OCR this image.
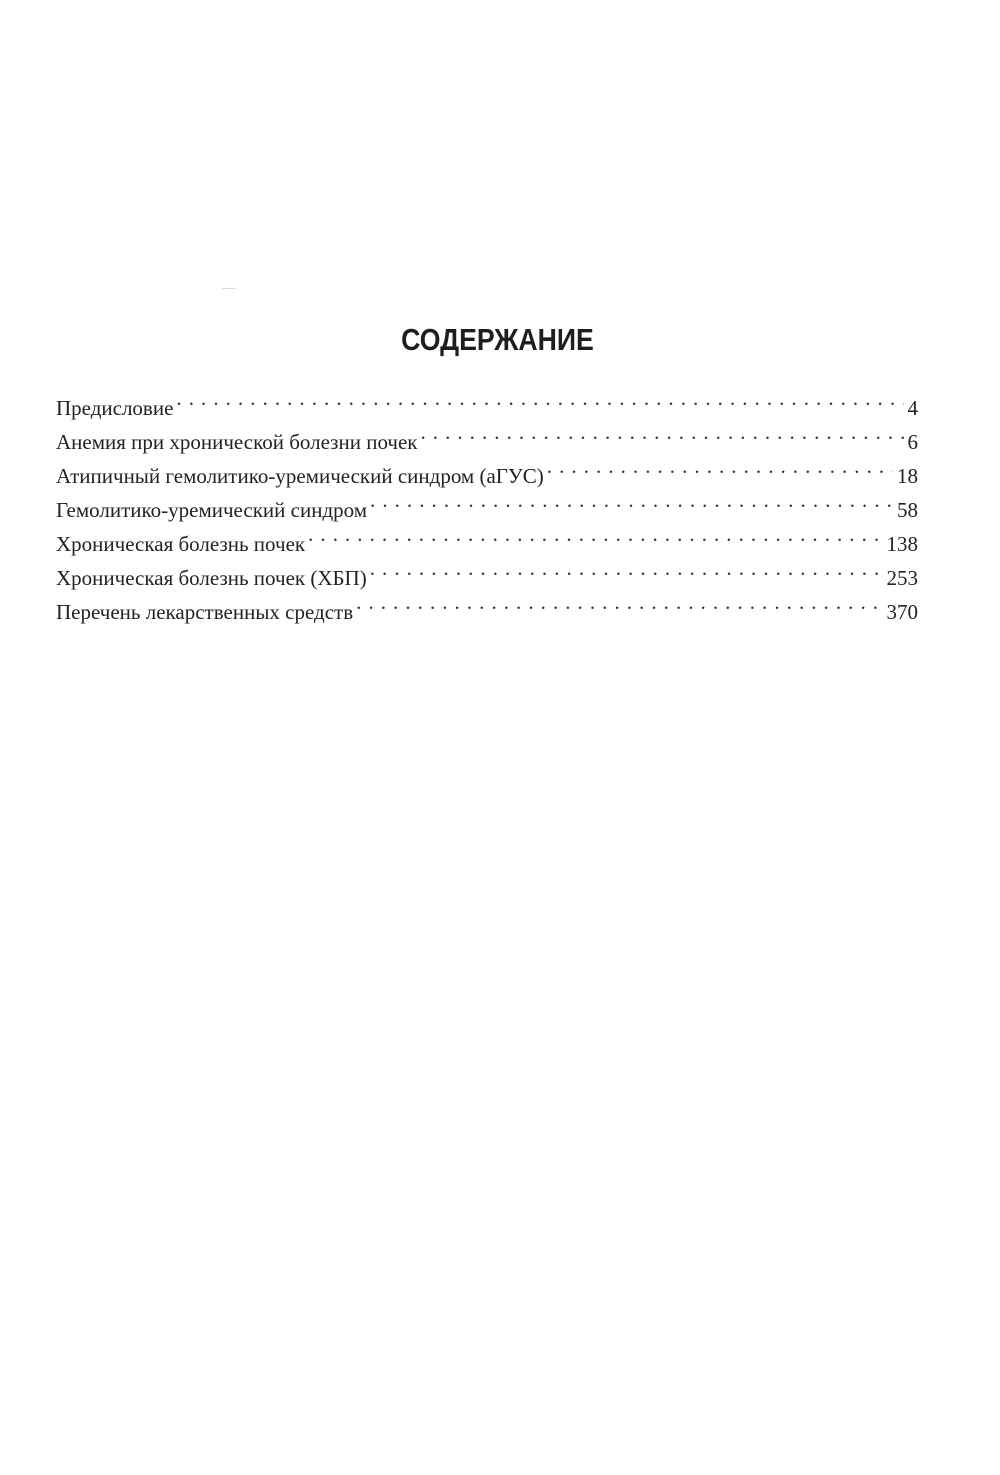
СОДЕРЖАНИЕ
Предисловие . . .	4
Анемия при хронической болезни почек . . .	6
Атипичный гемолитико-уремический синдром (аГУС) . . .	18
Гемолитико-уремический синдром . . .	58
Хроническая болезнь почек . . .	138
Хроническая болезнь почек (ХБП) . . .	253
Перечень лекарственных средств . . .	370
